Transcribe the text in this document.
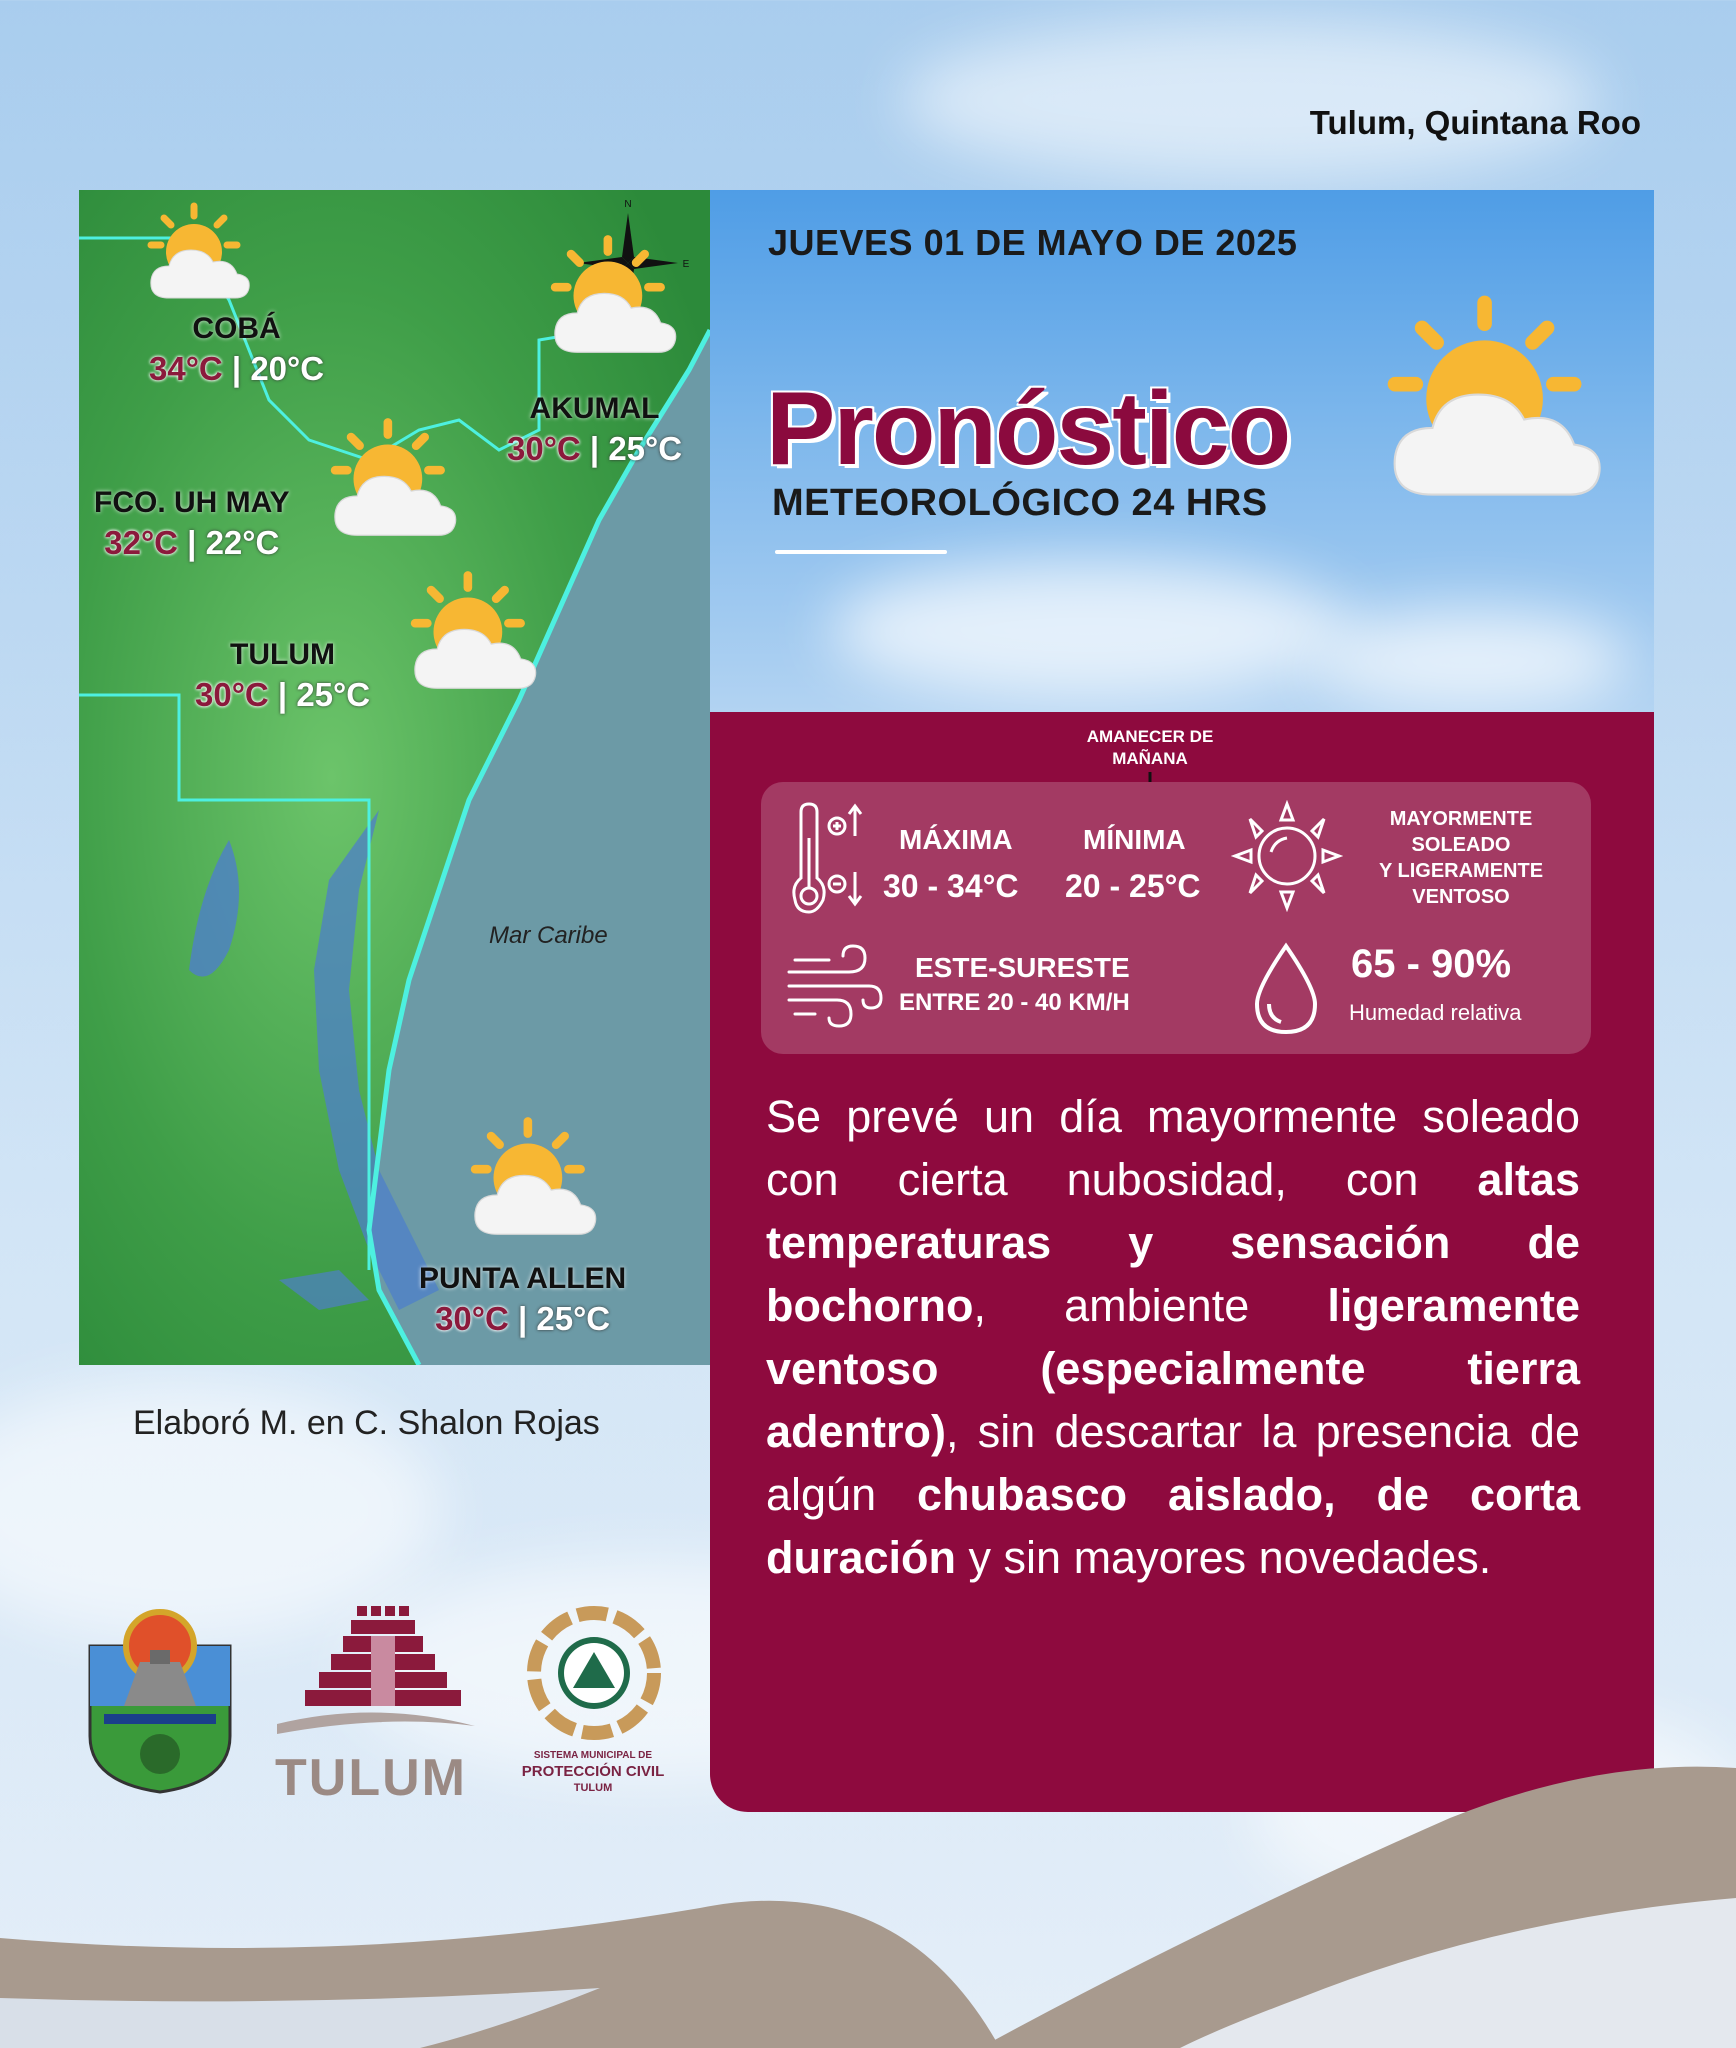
Tulum, Quintana Roo
N
E
Mar Caribe
COBÁ
34°C | 20°C
AKUMAL
30°C | 25°C
FCO. UH MAY
32°C | 22°C
TULUM
30°C | 25°C
PUNTA ALLEN
30°C | 25°C
Elaboró M. en C. Shalon Rojas
JUEVES 01 DE MAYO DE 2025
Pronóstico
METEOROLÓGICO 24 HRS
AMANECER DE MAÑANA
MÁXIMA
30 - 34°C
MÍNIMA
20 - 25°C
MAYORMENTE
SOLEADO
Y LIGERAMENTE
VENTOSO
ESTE-SURESTE
ENTRE 20 - 40 KM/H
65 - 90%
Humedad relativa
Se prevé un día mayormente soleado con cierta nubosidad, con altas temperaturas y sensación de bochorno, ambiente ligeramente ventoso (especialmente tierra adentro), sin descartar la presencia de algún chubasco aislado, de corta duración y sin mayores novedades.
TULUM	SISTEMA MUNICIPAL DE
PROTECCIÓN CIVIL
TULUM
